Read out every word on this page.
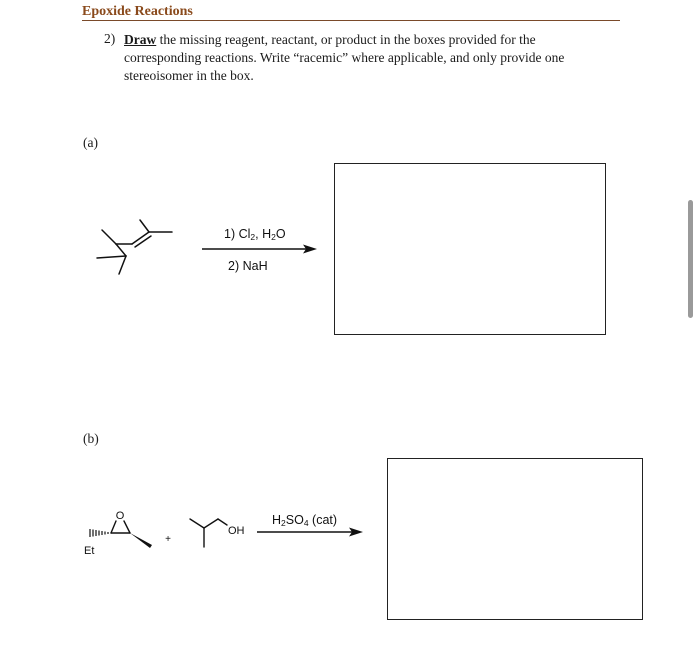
Epoxide Reactions
2) Draw the missing reagent, reactant, or product in the boxes provided for the
corresponding reactions. Write “racemic” where applicable, and only provide one
stereoisomer in the box.
(a)
1) $Cl_2$, $H_2O$
2) NaH
(b)
O
Et
+
OH
$H_2SO_4$ (cat)
